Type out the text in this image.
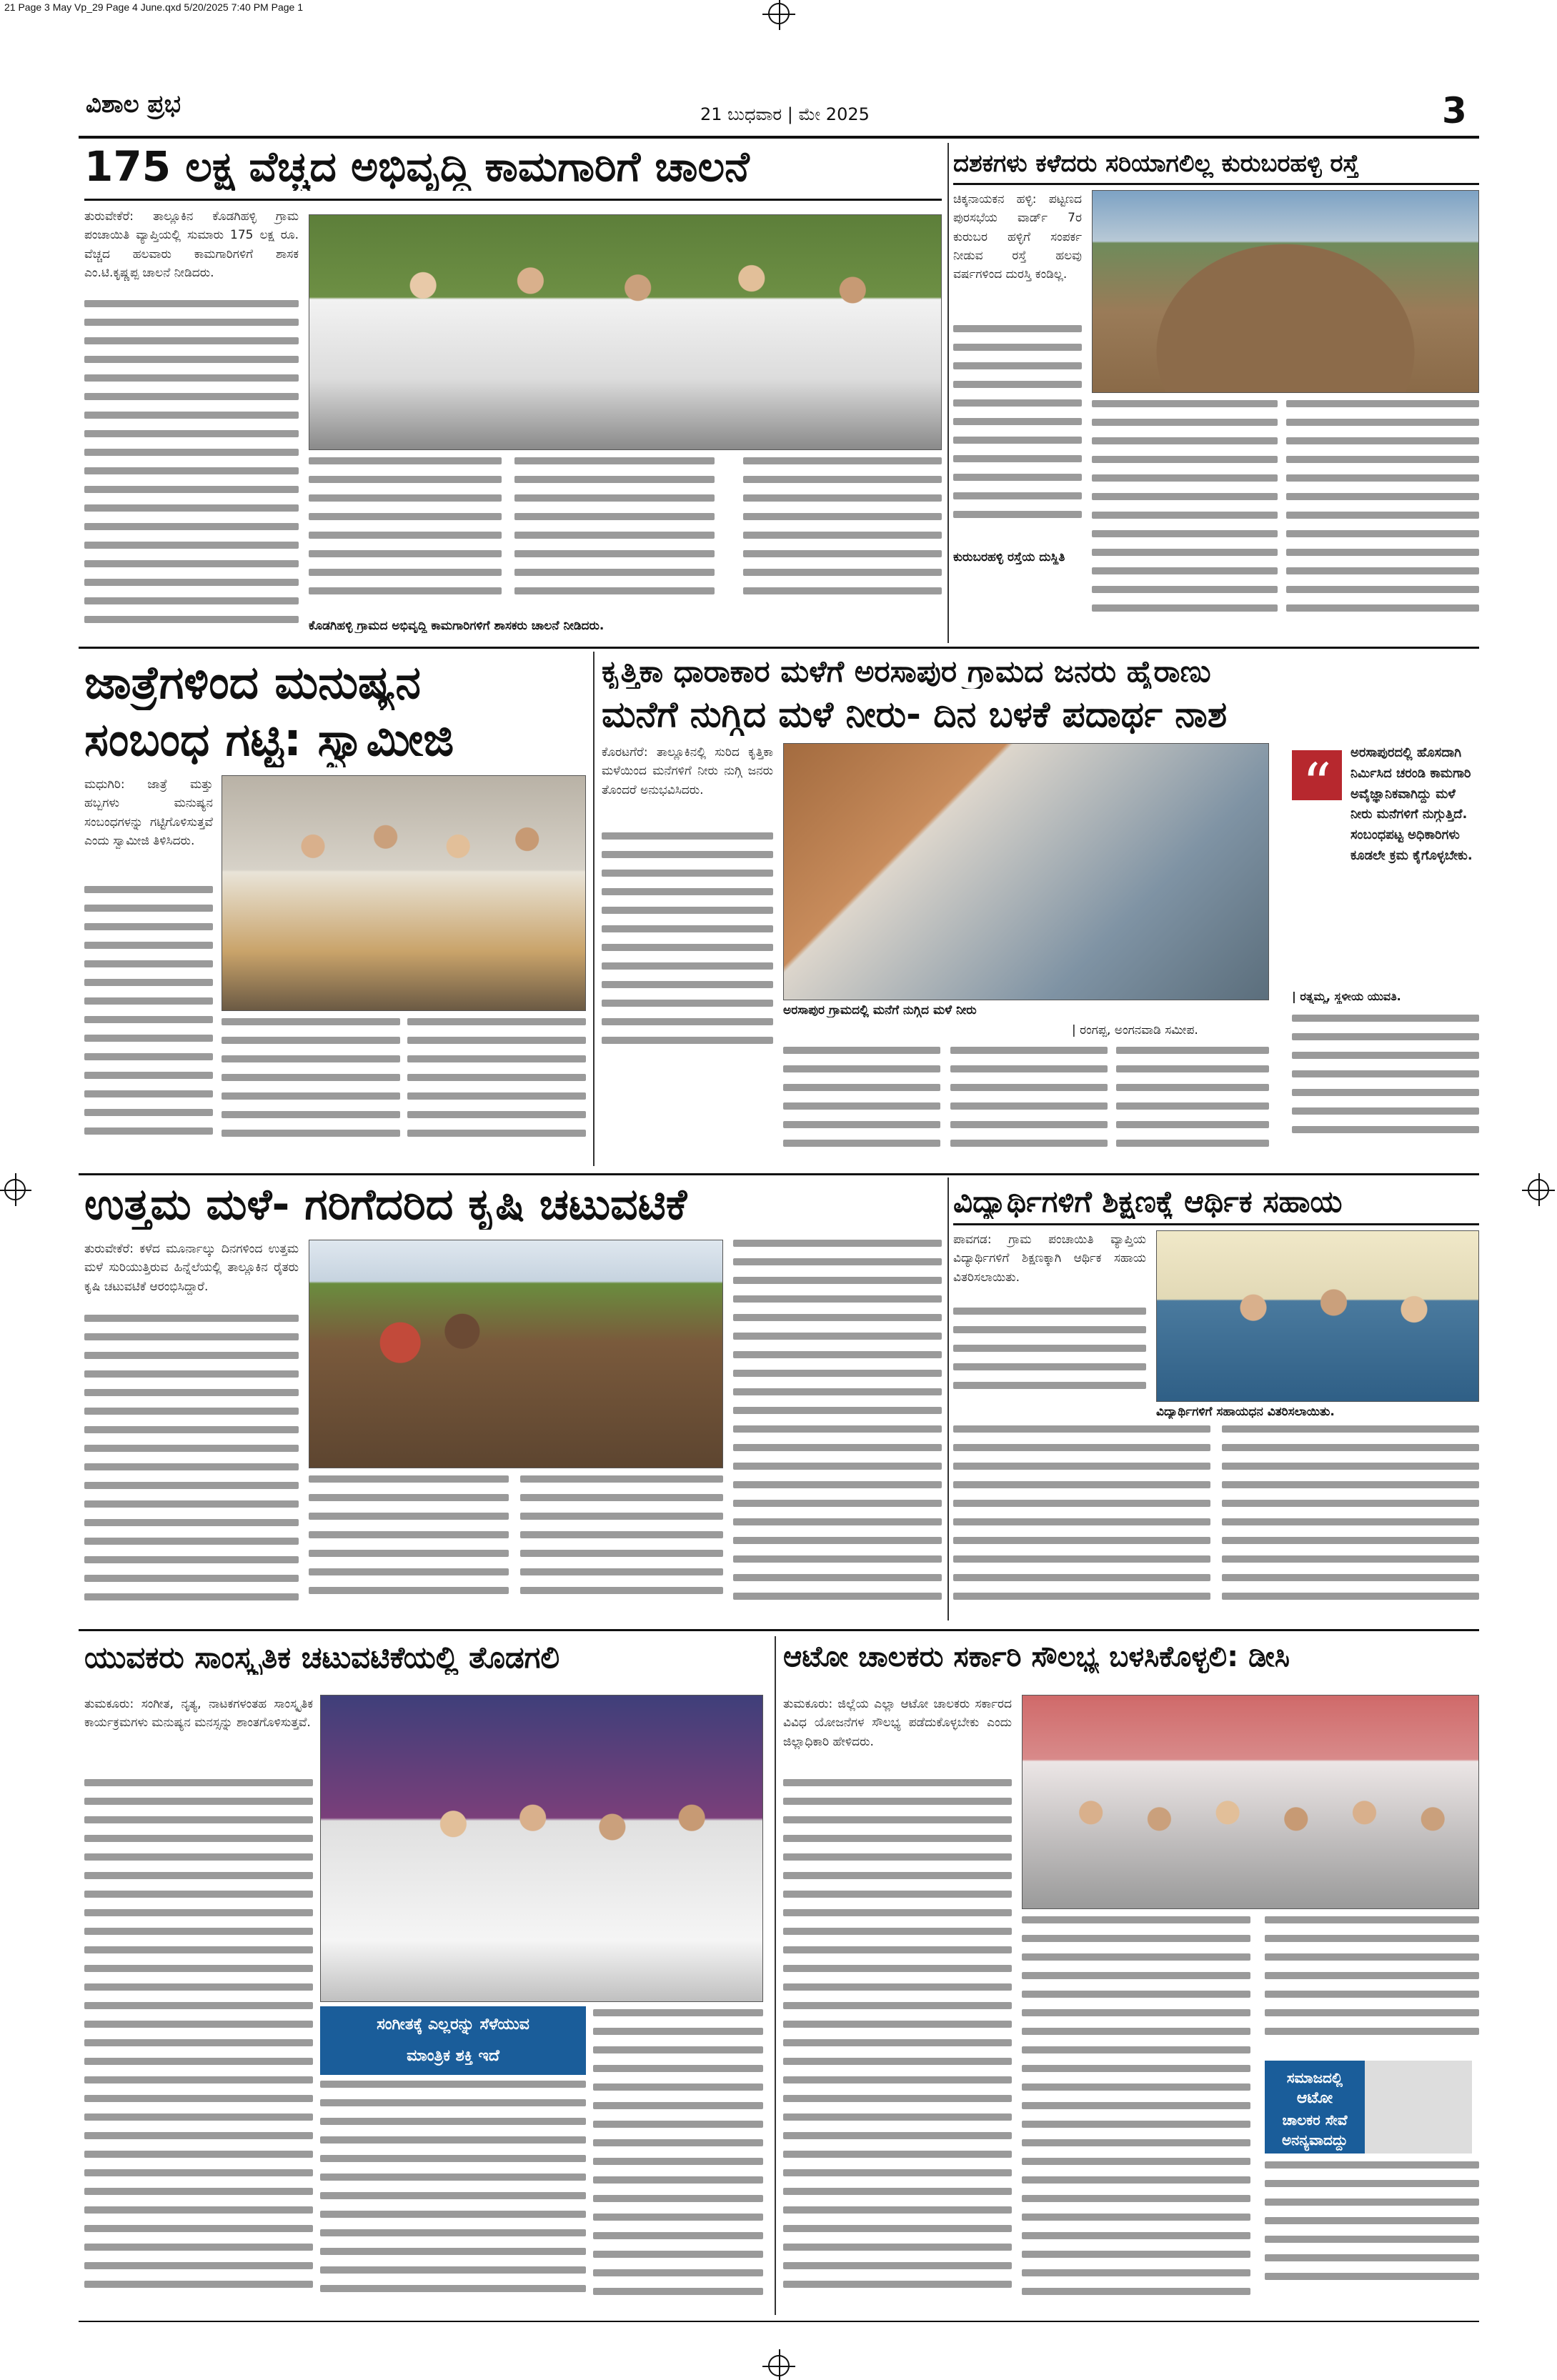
21 Page 3 May Vp_29 Page 4 June.qxd 5/20/2025 7:40 PM Page 1
ವಿಶಾಲ ಪ್ರಭ	21 ಬುಧವಾರ | ಮೇ 2025	3
175 ಲಕ್ಷ ವೆಚ್ಚದ ಅಭಿವೃದ್ಧಿ ಕಾಮಗಾರಿಗೆ ಚಾಲನೆ
ತುರುವೇಕೆರೆ: ತಾಲ್ಲೂಕಿನ ಕೊಡಗಿಹಳ್ಳಿ ಗ್ರಾಮ ಪಂಚಾಯಿತಿ ವ್ಯಾಪ್ತಿಯಲ್ಲಿ ಸುಮಾರು 175 ಲಕ್ಷ ರೂ. ವೆಚ್ಚದ ಹಲವಾರು ಕಾಮಗಾರಿಗಳಿಗೆ ಶಾಸಕ ಎಂ.ಟಿ.ಕೃಷ್ಣಪ್ಪ ಚಾಲನೆ ನೀಡಿದರು.
ಕೊಡಗಿಹಳ್ಳಿ ಗ್ರಾಮದ ಅಭಿವೃದ್ಧಿ ಕಾಮಗಾರಿಗಳಿಗೆ ಶಾಸಕರು ಚಾಲನೆ ನೀಡಿದರು.
ದಶಕಗಳು ಕಳೆದರು ಸರಿಯಾಗಲಿಲ್ಲ ಕುರುಬರಹಳ್ಳಿ ರಸ್ತೆ
ಚಿಕ್ಕನಾಯಕನ ಹಳ್ಳಿ: ಪಟ್ಟಣದ ಪುರಸಭೆಯ ವಾರ್ಡ್ 7ರ ಕುರುಬರ ಹಳ್ಳಿಗೆ ಸಂಪರ್ಕ ನೀಡುವ ರಸ್ತೆ ಹಲವು ವರ್ಷಗಳಿಂದ ದುರಸ್ತಿ ಕಂಡಿಲ್ಲ.
ಕುರುಬರಹಳ್ಳಿ ರಸ್ತೆಯ ದುಸ್ಥಿತಿ
ಜಾತ್ರೆಗಳಿಂದ ಮನುಷ್ಯನ
ಸಂಬಂಧ ಗಟ್ಟಿ: ಸ್ವಾಮೀಜಿ
ಮಧುಗಿರಿ: ಜಾತ್ರೆ ಮತ್ತು ಹಬ್ಬಗಳು ಮನುಷ್ಯನ ಸಂಬಂಧಗಳನ್ನು ಗಟ್ಟಿಗೊಳಿಸುತ್ತವೆ ಎಂದು ಸ್ವಾಮೀಜಿ ತಿಳಿಸಿದರು.
ಕೃತ್ತಿಕಾ ಧಾರಾಕಾರ ಮಳೆಗೆ ಅರಸಾಪುರ ಗ್ರಾಮದ ಜನರು ಹೈರಾಣು
ಮನೆಗೆ ನುಗ್ಗಿದ ಮಳೆ ನೀರು- ದಿನ ಬಳಕೆ ಪದಾರ್ಥ ನಾಶ
ಕೊರಟಗೆರೆ: ತಾಲ್ಲೂಕಿನಲ್ಲಿ ಸುರಿದ ಕೃತ್ತಿಕಾ ಮಳೆಯಿಂದ ಮನೆಗಳಿಗೆ ನೀರು ನುಗ್ಗಿ ಜನರು ತೊಂದರೆ ಅನುಭವಿಸಿದರು.
ಅರಸಾಪುರ ಗ್ರಾಮದಲ್ಲಿ ಮನೆಗೆ ನುಗ್ಗಿದ ಮಳೆ ನೀರು
| ರಂಗಪ್ಪ, ಅಂಗನವಾಡಿ ಸಮೀಪ.
“	ಅರಸಾಪುರದಲ್ಲಿ ಹೊಸದಾಗಿ ನಿರ್ಮಿಸಿದ ಚರಂಡಿ ಕಾಮಗಾರಿ ಅವೈಜ್ಞಾನಿಕವಾಗಿದ್ದು ಮಳೆ ನೀರು ಮನೆಗಳಿಗೆ ನುಗ್ಗುತ್ತಿದೆ. ಸಂಬಂಧಪಟ್ಟ ಅಧಿಕಾರಿಗಳು ಕೂಡಲೇ ಕ್ರಮ ಕೈಗೊಳ್ಳಬೇಕು.
| ರತ್ನಮ್ಮ, ಸ್ಥಳೀಯ ಯುವತಿ.
ಉತ್ತಮ ಮಳೆ- ಗರಿಗೆದರಿದ ಕೃಷಿ ಚಟುವಟಿಕೆ
ತುರುವೇಕೆರೆ: ಕಳೆದ ಮೂರ್ನಾಲ್ಕು ದಿನಗಳಿಂದ ಉತ್ತಮ ಮಳೆ ಸುರಿಯುತ್ತಿರುವ ಹಿನ್ನೆಲೆಯಲ್ಲಿ ತಾಲ್ಲೂಕಿನ ರೈತರು ಕೃಷಿ ಚಟುವಟಿಕೆ ಆರಂಭಿಸಿದ್ದಾರೆ.
ವಿದ್ಯಾರ್ಥಿಗಳಿಗೆ ಶಿಕ್ಷಣಕ್ಕೆ ಆರ್ಥಿಕ ಸಹಾಯ
ಪಾವಗಡ: ಗ್ರಾಮ ಪಂಚಾಯಿತಿ ವ್ಯಾಪ್ತಿಯ ವಿದ್ಯಾರ್ಥಿಗಳಿಗೆ ಶಿಕ್ಷಣಕ್ಕಾಗಿ ಆರ್ಥಿಕ ಸಹಾಯ ವಿತರಿಸಲಾಯಿತು.
ವಿದ್ಯಾರ್ಥಿಗಳಿಗೆ ಸಹಾಯಧನ ವಿತರಿಸಲಾಯಿತು.
ಯುವಕರು ಸಾಂಸ್ಕೃತಿಕ ಚಟುವಟಿಕೆಯಲ್ಲಿ ತೊಡಗಲಿ
ತುಮಕೂರು: ಸಂಗೀತ, ನೃತ್ಯ, ನಾಟಕಗಳಂತಹ ಸಾಂಸ್ಕೃತಿಕ ಕಾರ್ಯಕ್ರಮಗಳು ಮನುಷ್ಯನ ಮನಸ್ಸನ್ನು ಶಾಂತಗೊಳಿಸುತ್ತವೆ.
ಸಂಗೀತಕ್ಕೆ ಎಲ್ಲರನ್ನು ಸೆಳೆಯುವ
ಮಾಂತ್ರಿಕ ಶಕ್ತಿ ಇದೆ
ಆಟೋ ಚಾಲಕರು ಸರ್ಕಾರಿ ಸೌಲಭ್ಯ ಬಳಸಿಕೊಳ್ಳಲಿ: ಡೀಸಿ
ತುಮಕೂರು: ಜಿಲ್ಲೆಯ ಎಲ್ಲಾ ಆಟೋ ಚಾಲಕರು ಸರ್ಕಾರದ ವಿವಿಧ ಯೋಜನೆಗಳ ಸೌಲಭ್ಯ ಪಡೆದುಕೊಳ್ಳಬೇಕು ಎಂದು ಜಿಲ್ಲಾಧಿಕಾರಿ ಹೇಳಿದರು.
ಸಮಾಜದಲ್ಲಿ
ಆಟೋ
ಚಾಲಕರ ಸೇವೆ ಅನನ್ಯವಾದದ್ದು
